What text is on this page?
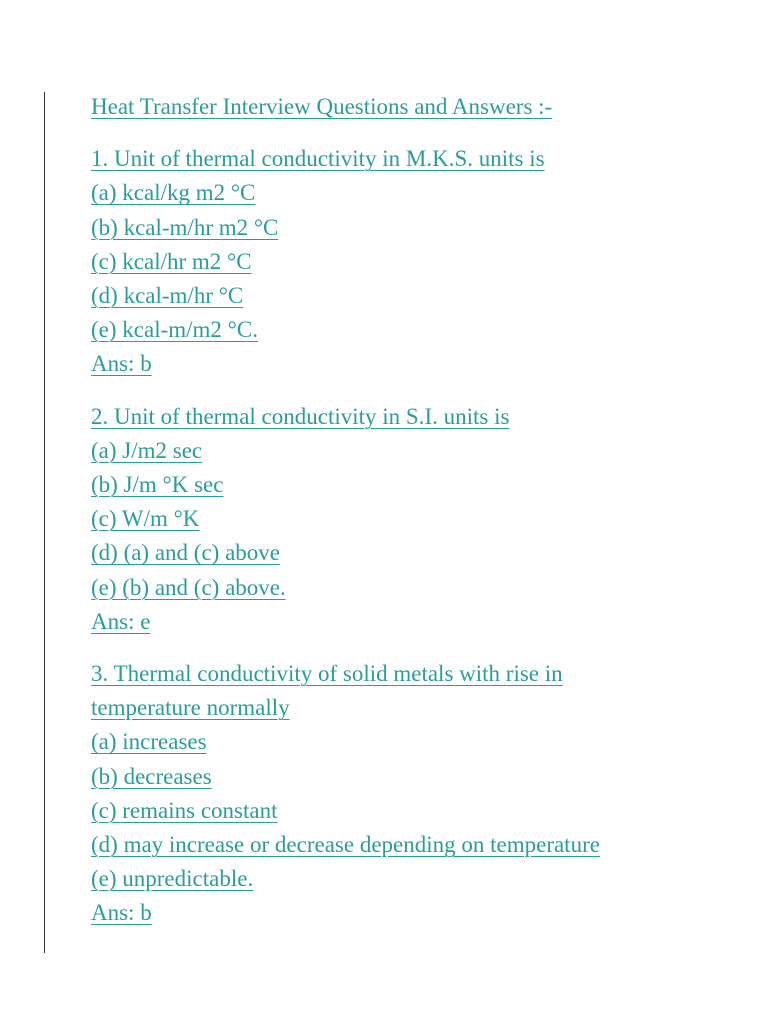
Heat Transfer Interview Questions and Answers :-
1. Unit of thermal conductivity in M.K.S. units is
(a) kcal/kg m2 °C
(b) kcal-m/hr m2 °C
(c) kcal/hr m2 °C
(d) kcal-m/hr °C
(e) kcal-m/m2 °C.
Ans: b
2. Unit of thermal conductivity in S.I. units is
(a) J/m2 sec
(b) J/m °K sec
(c) W/m °K
(d) (a) and (c) above
(e) (b) and (c) above.
Ans: e
3. Thermal conductivity of solid metals with rise in
temperature normally
(a) increases
(b) decreases
(c) remains constant
(d) may increase or decrease depending on temperature
(e) unpredictable.
Ans: b
